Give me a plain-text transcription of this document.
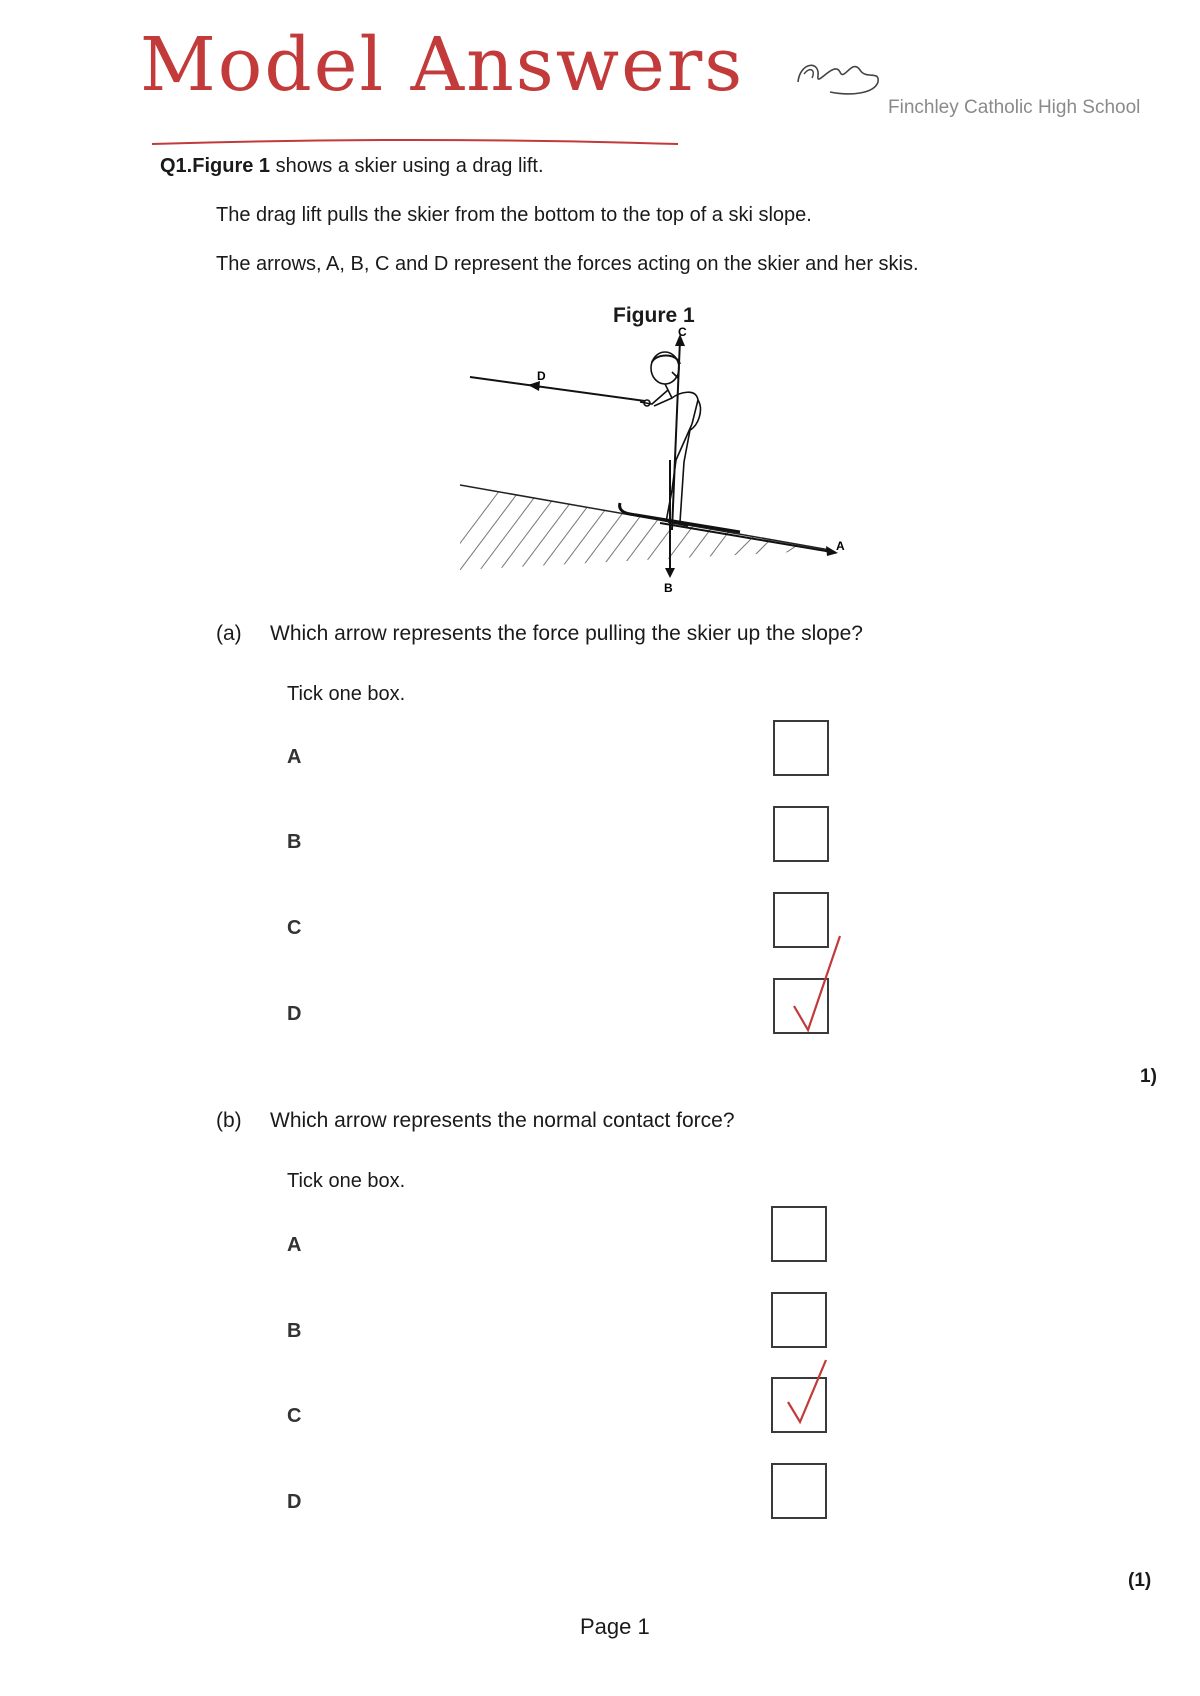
Model Answers	Finchley Catholic High School
Q1.Figure 1 shows a skier using a drag lift.
The drag lift pulls the skier from the bottom to the top of a ski slope.
The arrows, A, B, C and D represent the forces acting on the skier and her skis.
Figure 1
A
D
C
B
(a) Which arrow represents the force pulling the skier up the slope?
Tick one box.
A
B
C
D
1)
(b) Which arrow represents the normal contact force?
Tick one box.
A
B
C
D
(1)
Page 1
